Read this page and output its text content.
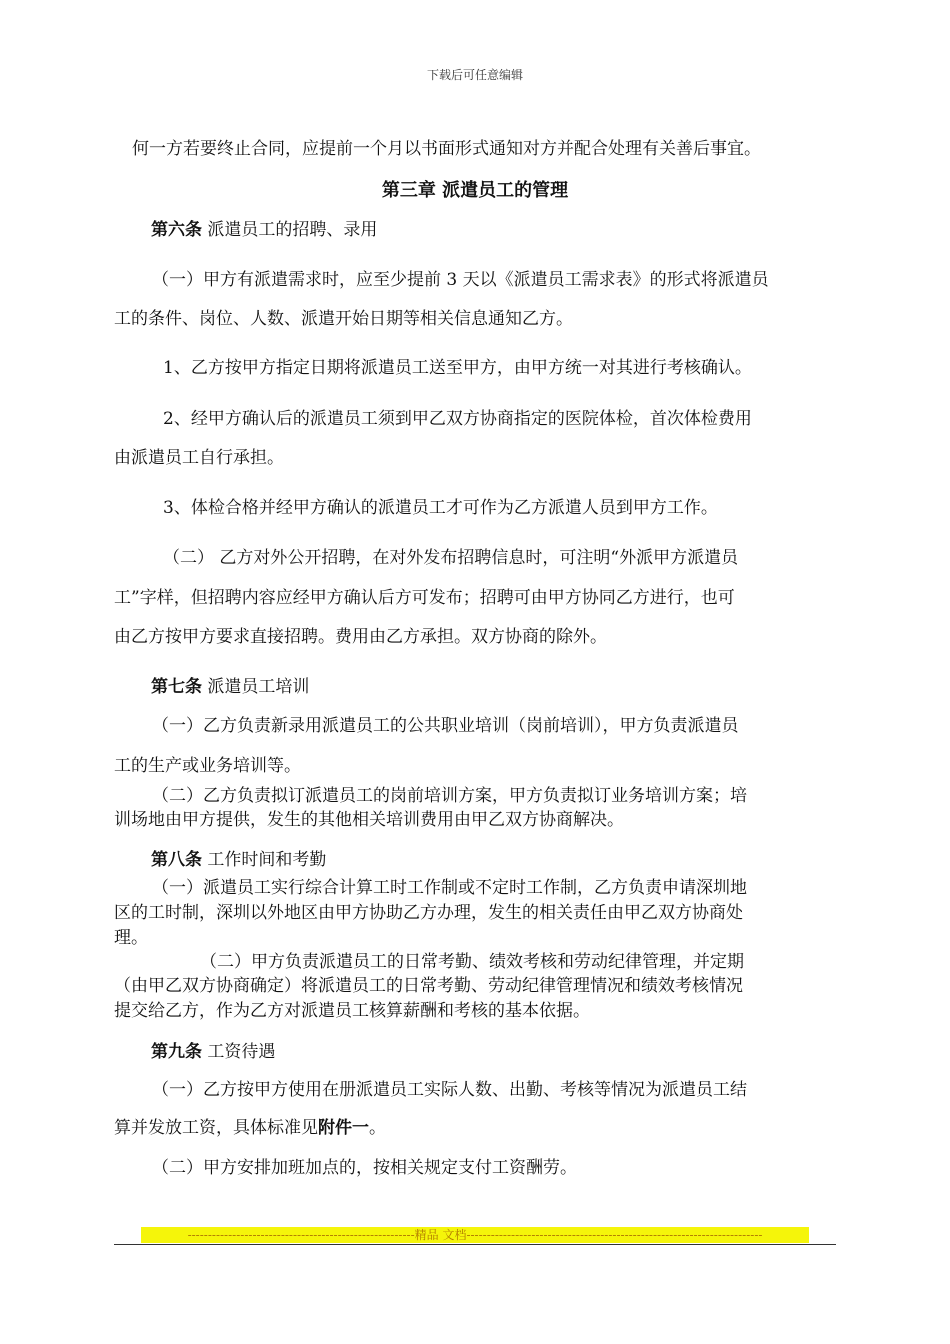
下载后可任意编辑
何一方若要终止合同，应提前一个月以书面形式通知对方并配合处理有关善后事宜。
第三章 派遣员工的管理
第六条 派遣员工的招聘、录用
（一）甲方有派遣需求时，应至少提前 3 天以《派遣员工需求表》的形式将派遣员
工的条件、岗位、人数、派遣开始日期等相关信息通知乙方。
1、乙方按甲方指定日期将派遣员工送至甲方，由甲方统一对其进行考核确认。
2、经甲方确认后的派遣员工须到甲乙双方协商指定的医院体检，首次体检费用
由派遣员工自行承担。
3、体检合格并经甲方确认的派遣员工才可作为乙方派遣人员到甲方工作。
（二） 乙方对外公开招聘，在对外发布招聘信息时，可注明“外派甲方派遣员
工”字样，但招聘内容应经甲方确认后方可发布；招聘可由甲方协同乙方进行，也可
由乙方按甲方要求直接招聘。费用由乙方承担。双方协商的除外。
第七条 派遣员工培训
（一）乙方负责新录用派遣员工的公共职业培训（岗前培训），甲方负责派遣员
工的生产或业务培训等。
（二）乙方负责拟订派遣员工的岗前培训方案，甲方负责拟订业务培训方案；培
训场地由甲方提供，发生的其他相关培训费用由甲乙双方协商解决。
第八条 工作时间和考勤
（一）派遣员工实行综合计算工时工作制或不定时工作制，乙方负责申请深圳地
区的工时制，深圳以外地区由甲方协助乙方办理，发生的相关责任由甲乙双方协商处
理。
（二）甲方负责派遣员工的日常考勤、绩效考核和劳动纪律管理，并定期
（由甲乙双方协商确定）将派遣员工的日常考勤、劳动纪律管理情况和绩效考核情况
提交给乙方，作为乙方对派遣员工核算薪酬和考核的基本依据。
第九条 工资待遇
（一）乙方按甲方使用在册派遣员工实际人数、出勤、考核等情况为派遣员工结
算并发放工资，具体标准见附件一。
（二）甲方安排加班加点的，按相关规定支付工资酬劳。
--------------------------------------------------------精品 文档-------------------------------------------------------------------------
